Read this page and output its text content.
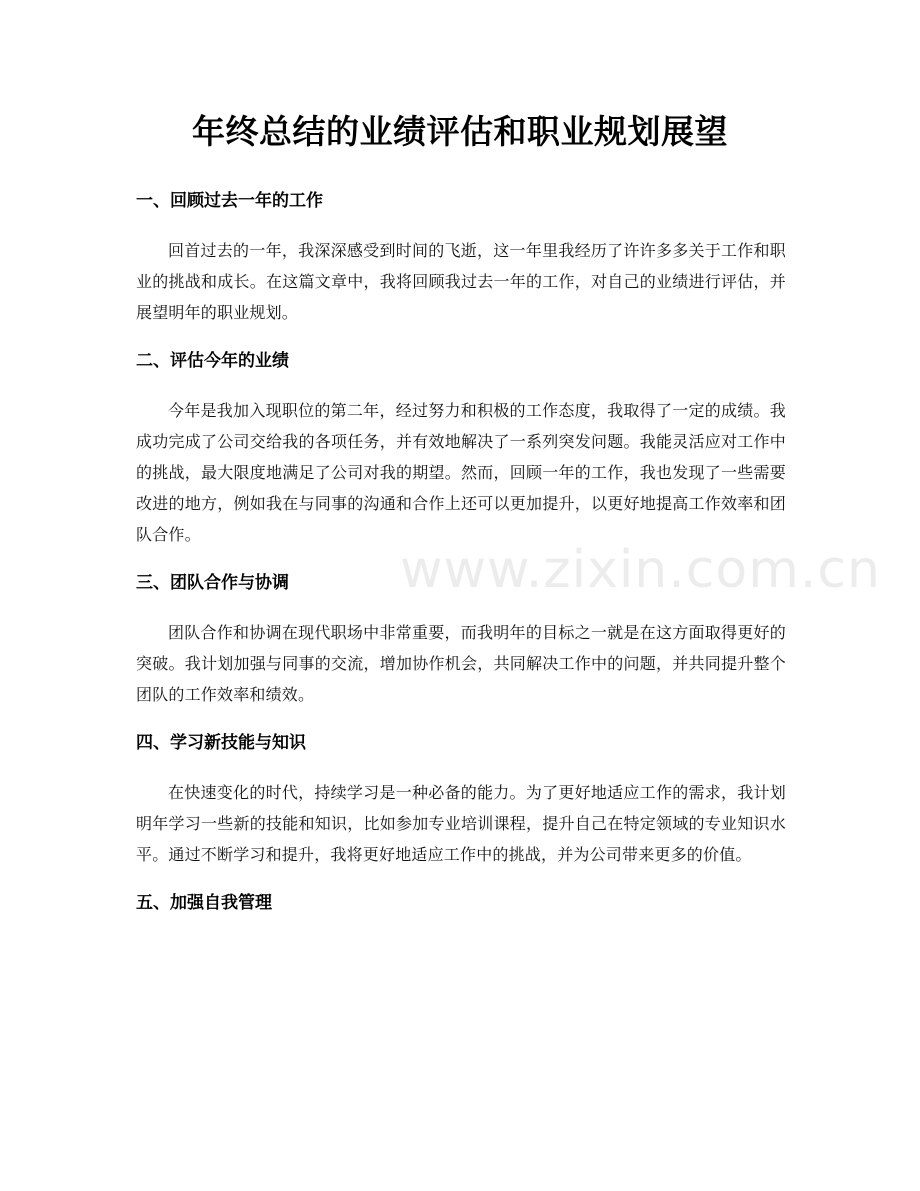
年终总结的业绩评估和职业规划展望
www.zixin.com.cn
一、回顾过去一年的工作

回首过去的一年，我深深感受到时间的飞逝，这一年里我经历了许许多多关于工作和职业的挑战和成长。在这篇文章中，我将回顾我过去一年的工作，对自己的业绩进行评估，并展望明年的职业规划。

二、评估今年的业绩

今年是我加入现职位的第二年，经过努力和积极的工作态度，我取得了一定的成绩。我成功完成了公司交给我的各项任务，并有效地解决了一系列突发问题。我能灵活应对工作中的挑战，最大限度地满足了公司对我的期望。然而，回顾一年的工作，我也发现了一些需要改进的地方，例如我在与同事的沟通和合作上还可以更加提升，以更好地提高工作效率和团队合作。

三、团队合作与协调

团队合作和协调在现代职场中非常重要，而我明年的目标之一就是在这方面取得更好的突破。我计划加强与同事的交流，增加协作机会，共同解决工作中的问题，并共同提升整个团队的工作效率和绩效。

四、学习新技能与知识

在快速变化的时代，持续学习是一种必备的能力。为了更好地适应工作的需求，我计划明年学习一些新的技能和知识，比如参加专业培训课程，提升自己在特定领域的专业知识水平。通过不断学习和提升，我将更好地适应工作中的挑战，并为公司带来更多的价值。

五、加强自我管理
